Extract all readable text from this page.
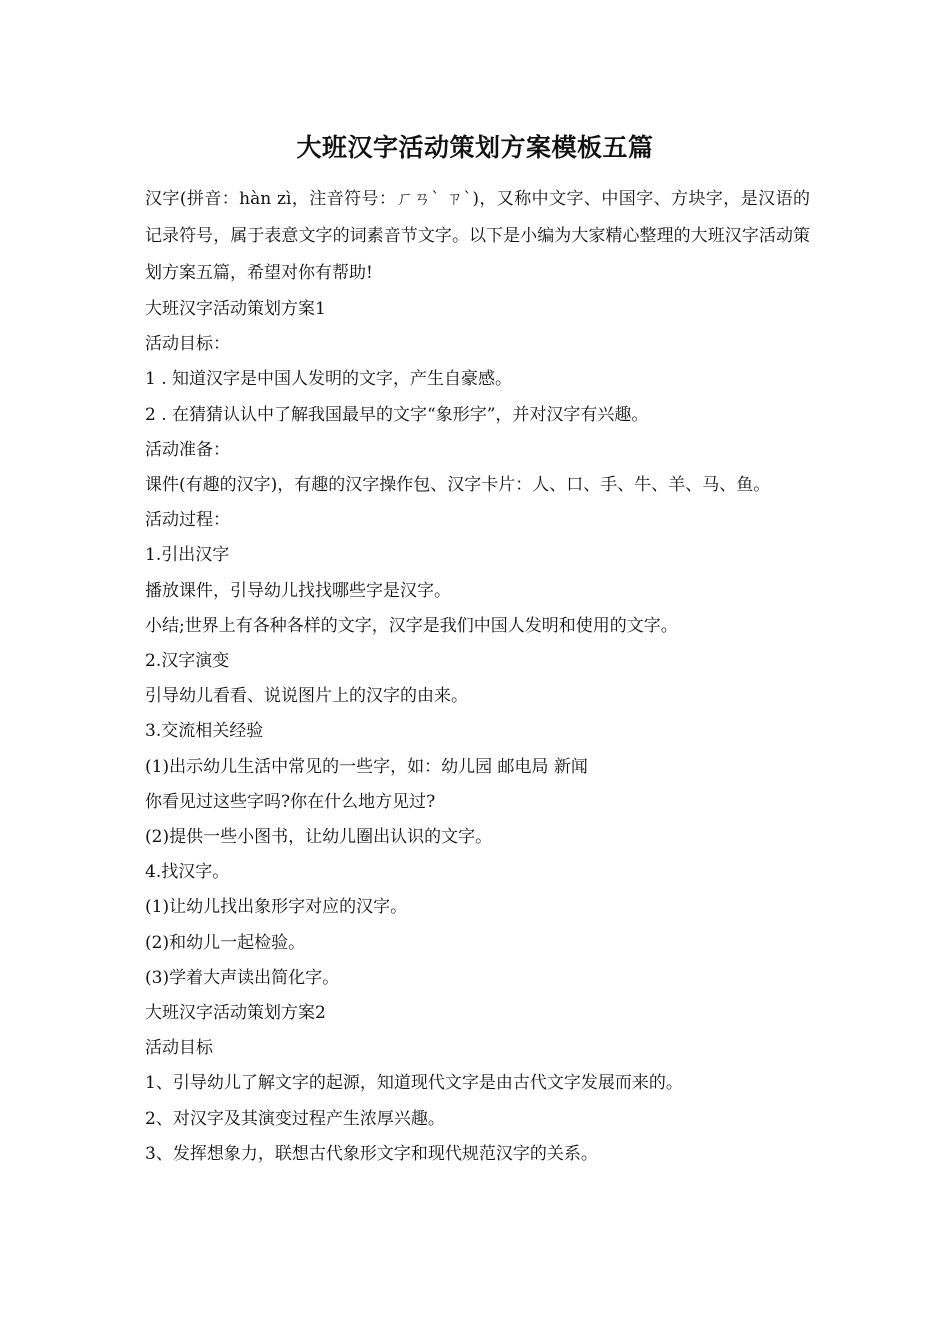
大班汉字活动策划方案模板五篇

汉字(拼音：hàn zì，注音符号：ㄏㄢˋ ㄗˋ)，又称中文字、中国字、方块字，是汉语的记录符号，属于表意文字的词素音节文字。以下是小编为大家精心整理的大班汉字活动策划方案五篇，希望对你有帮助!

大班汉字活动策划方案1

活动目标：

1 . 知道汉字是中国人发明的文字，产生自豪感。

2 . 在猜猜认认中了解我国最早的文字“象形字”，并对汉字有兴趣。

活动准备：

课件(有趣的汉字)，有趣的汉字操作包、汉字卡片：人、口、手、牛、羊、马、鱼。

活动过程：

1.引出汉字

播放课件，引导幼儿找找哪些字是汉字。

小结;世界上有各种各样的文字，汉字是我们中国人发明和使用的文字。

2.汉字演变

引导幼儿看看、说说图片上的汉字的由来。

3.交流相关经验

(1)出示幼儿生活中常见的一些字，如：幼儿园 邮电局 新闻

你看见过这些字吗?你在什么地方见过?

(2)提供一些小图书，让幼儿圈出认识的文字。

4.找汉字。

(1)让幼儿找出象形字对应的汉字。

(2)和幼儿一起检验。

(3)学着大声读出简化字。

大班汉字活动策划方案2

活动目标

1、引导幼儿了解文字的起源，知道现代文字是由古代文字发展而来的。

2、对汉字及其演变过程产生浓厚兴趣。

3、发挥想象力，联想古代象形文字和现代规范汉字的关系。
